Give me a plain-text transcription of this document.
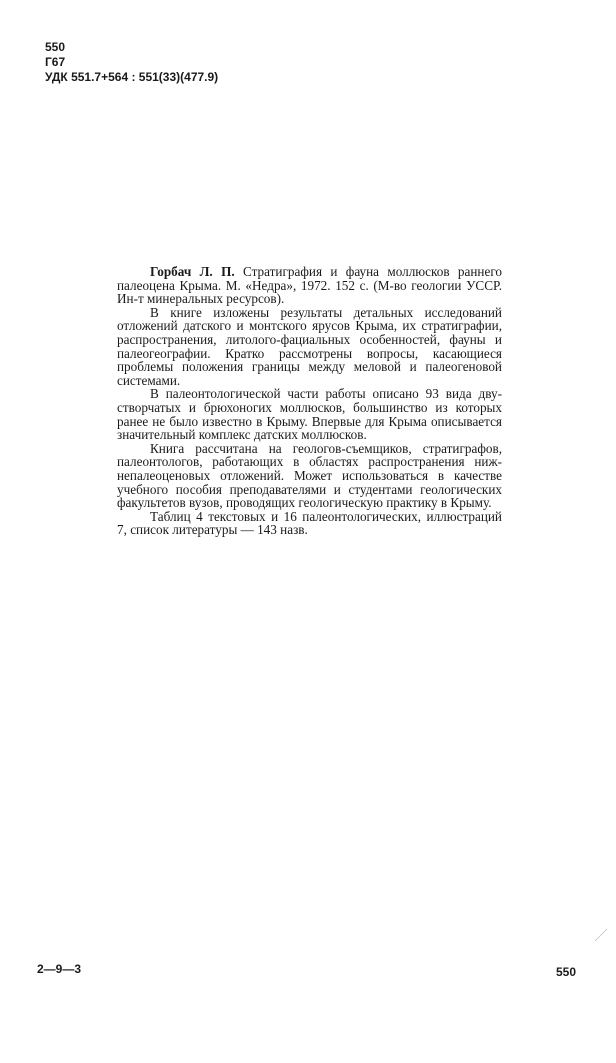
550
Г67
УДК 551.7+564 : 551(33)(477.9)

Горбач Л. П. Стратиграфия и фауна моллюсков раннего палеоцена Крыма. М. «Недра», 1972. 152 с. (М-во геологии УССР. Ин-т минеральных ресурсов).

В книге изложены результаты детальных исследований отложений датского и монтского ярусов Крыма, их стратиграфии, распространения, литолого-фациальных особенностей, фауны и палеогеографии. Кратко рассмотрены вопросы, касающиеся проблемы положения границы между меловой и палеогеновой системами.

В палеонтологической части работы описано 93 вида двустворчатых и брюхоногих моллюсков, большинство из которых ранее не было известно в Крыму. Впервые для Крыма описывается значительный комплекс датских моллюсков.

Книга рассчитана на геологов-съемщиков, стратиграфов, палеонтологов, работающих в областях распространения нижнепалеоценовых отложений. Может использоваться в качестве учебного пособия преподавателями и студентами геологических факультетов вузов, проводящих геологическую практику в Крыму.

Таблиц 4 текстовых и 16 палеонтологических, иллюстраций 7, список литературы — 143 назв.

2—9—3	550
